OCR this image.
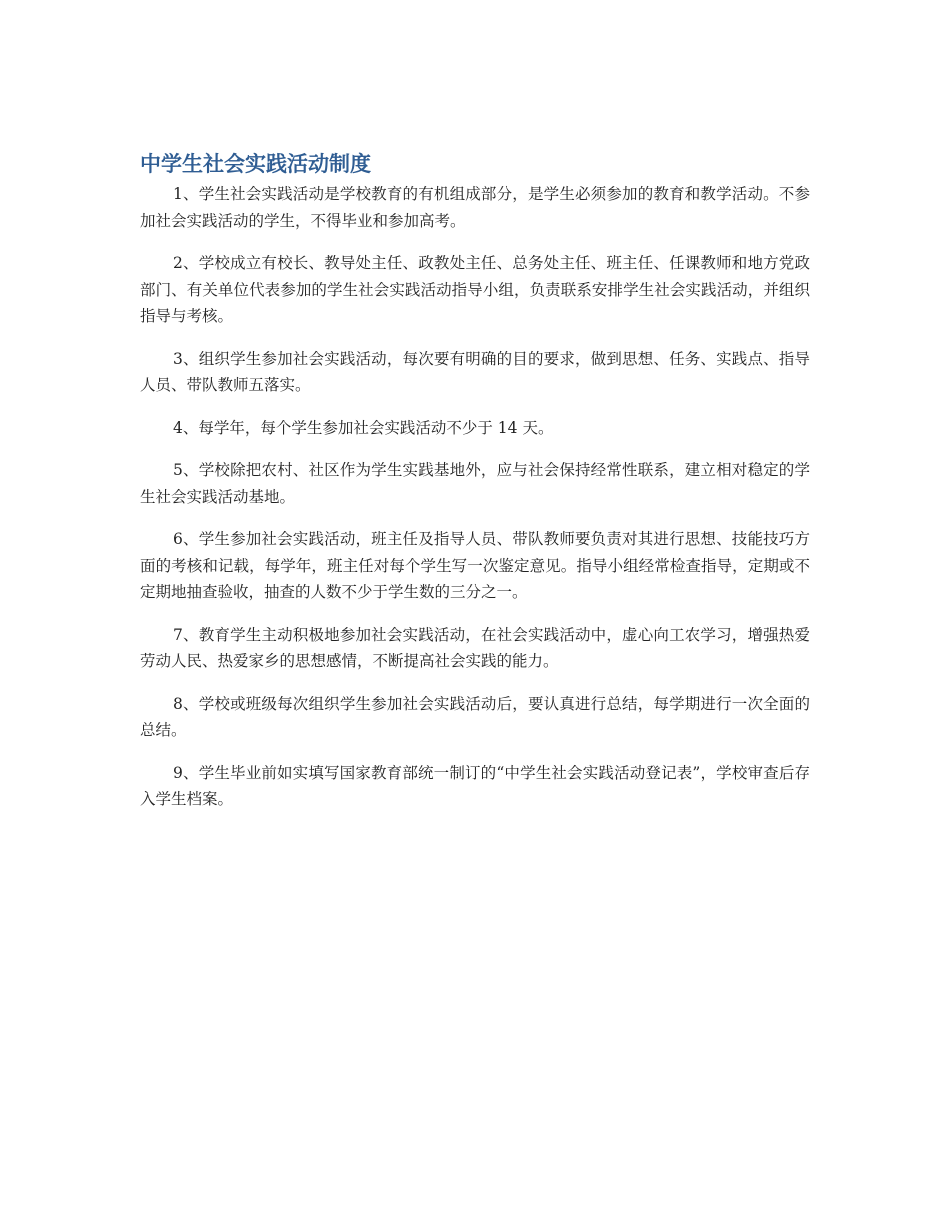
中学生社会实践活动制度

1、学生社会实践活动是学校教育的有机组成部分，是学生必须参加的教育和教学活动。不参加社会实践活动的学生，不得毕业和参加高考。

2、学校成立有校长、教导处主任、政教处主任、总务处主任、班主任、任课教师和地方党政部门、有关单位代表参加的学生社会实践活动指导小组，负责联系安排学生社会实践活动，并组织指导与考核。

3、组织学生参加社会实践活动，每次要有明确的目的要求，做到思想、任务、实践点、指导人员、带队教师五落实。

4、每学年，每个学生参加社会实践活动不少于 14 天。

5、学校除把农村、社区作为学生实践基地外，应与社会保持经常性联系，建立相对稳定的学生社会实践活动基地。

6、学生参加社会实践活动，班主任及指导人员、带队教师要负责对其进行思想、技能技巧方面的考核和记载，每学年，班主任对每个学生写一次鉴定意见。指导小组经常检查指导，定期或不定期地抽查验收，抽查的人数不少于学生数的三分之一。

7、教育学生主动积极地参加社会实践活动，在社会实践活动中，虚心向工农学习，增强热爱劳动人民、热爱家乡的思想感情，不断提高社会实践的能力。

8、学校或班级每次组织学生参加社会实践活动后，要认真进行总结，每学期进行一次全面的总结。

9、学生毕业前如实填写国家教育部统一制订的“中学生社会实践活动登记表”，学校审查后存入学生档案。
